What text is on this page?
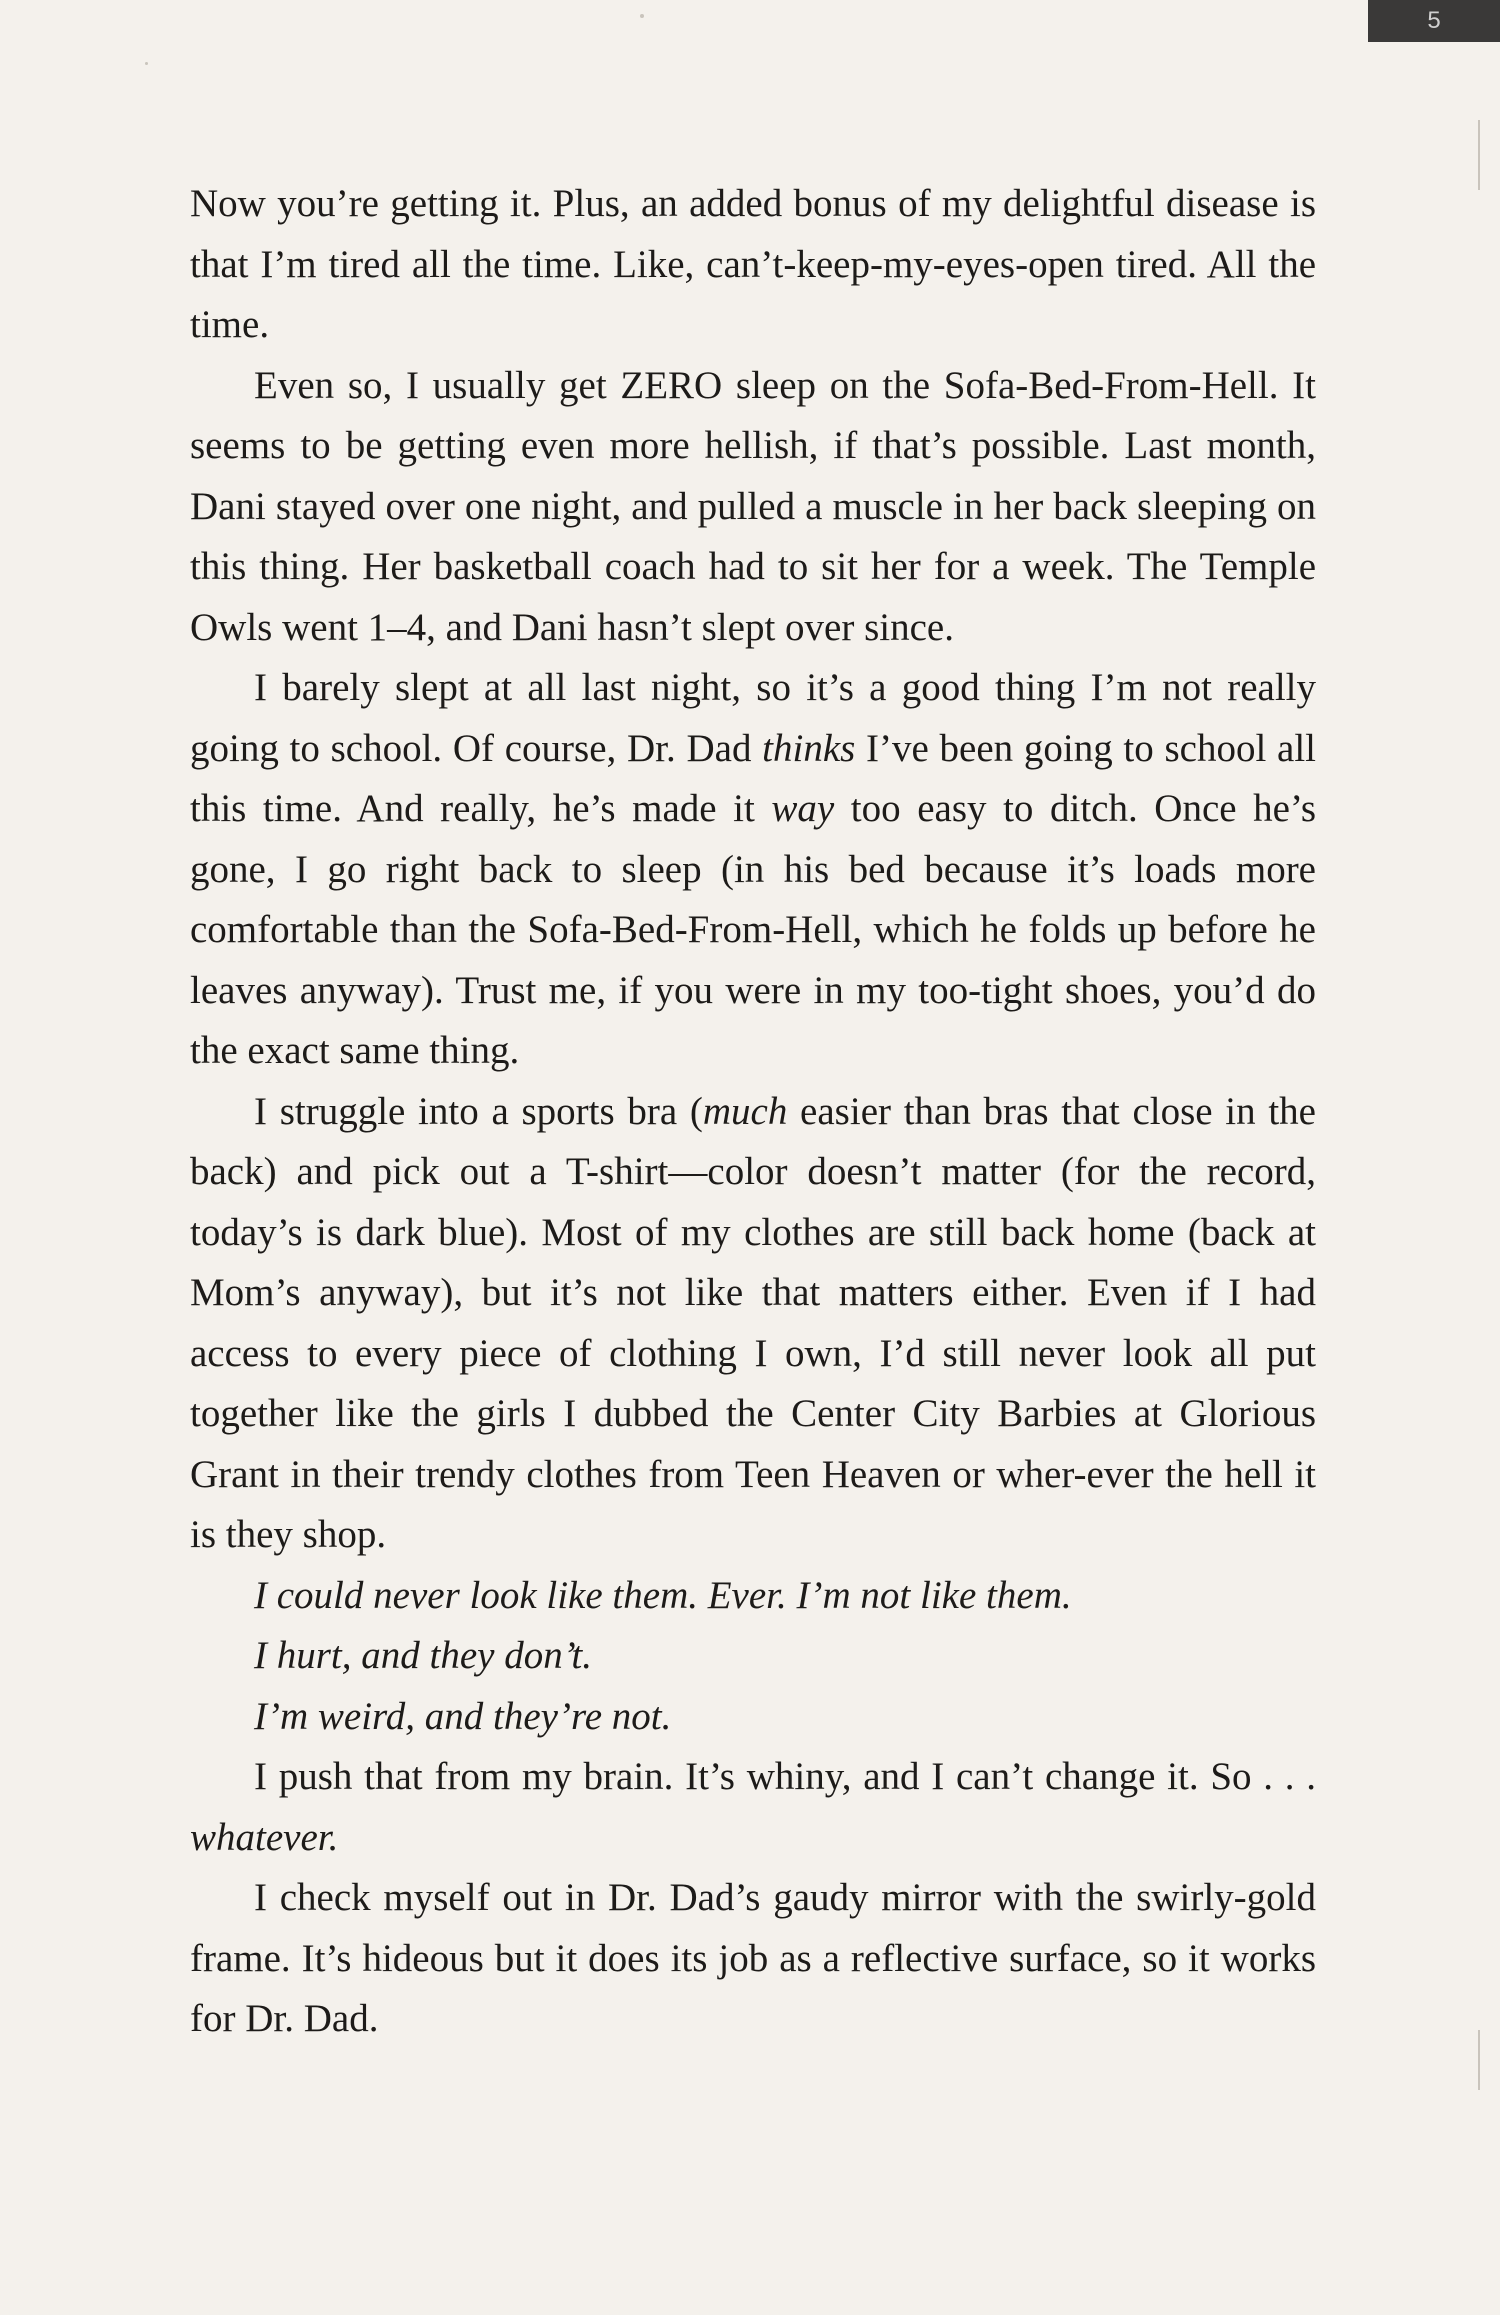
5

Now you’re getting it. Plus, an added bonus of my delightful disease is that I’m tired all the time. Like, can’t-keep-my-eyes-open tired. All the time.

Even so, I usually get ZERO sleep on the Sofa-Bed-From-Hell. It seems to be getting even more hellish, if that’s possible. Last month, Dani stayed over one night, and pulled a muscle in her back sleeping on this thing. Her basketball coach had to sit her for a week. The Temple Owls went 1–4, and Dani hasn’t slept over since.

I barely slept at all last night, so it’s a good thing I’m not really going to school. Of course, Dr. Dad thinks I’ve been going to school all this time. And really, he’s made it way too easy to ditch. Once he’s gone, I go right back to sleep (in his bed because it’s loads more comfortable than the Sofa-Bed-From-Hell, which he folds up before he leaves anyway). Trust me, if you were in my too-tight shoes, you’d do the exact same thing.

I struggle into a sports bra (much easier than bras that close in the back) and pick out a T-shirt—color doesn’t matter (for the record, today’s is dark blue). Most of my clothes are still back home (back at Mom’s anyway), but it’s not like that matters either. Even if I had access to every piece of clothing I own, I’d still never look all put together like the girls I dubbed the Center City Barbies at Glorious Grant in their trendy clothes from Teen Heaven or wher-ever the hell it is they shop.

I could never look like them. Ever. I’m not like them.

I hurt, and they don’t.

I’m weird, and they’re not.

I push that from my brain. It’s whiny, and I can’t change it. So . . . whatever.

I check myself out in Dr. Dad’s gaudy mirror with the swirly-gold frame. It’s hideous but it does its job as a reflective surface, so it works for Dr. Dad.
